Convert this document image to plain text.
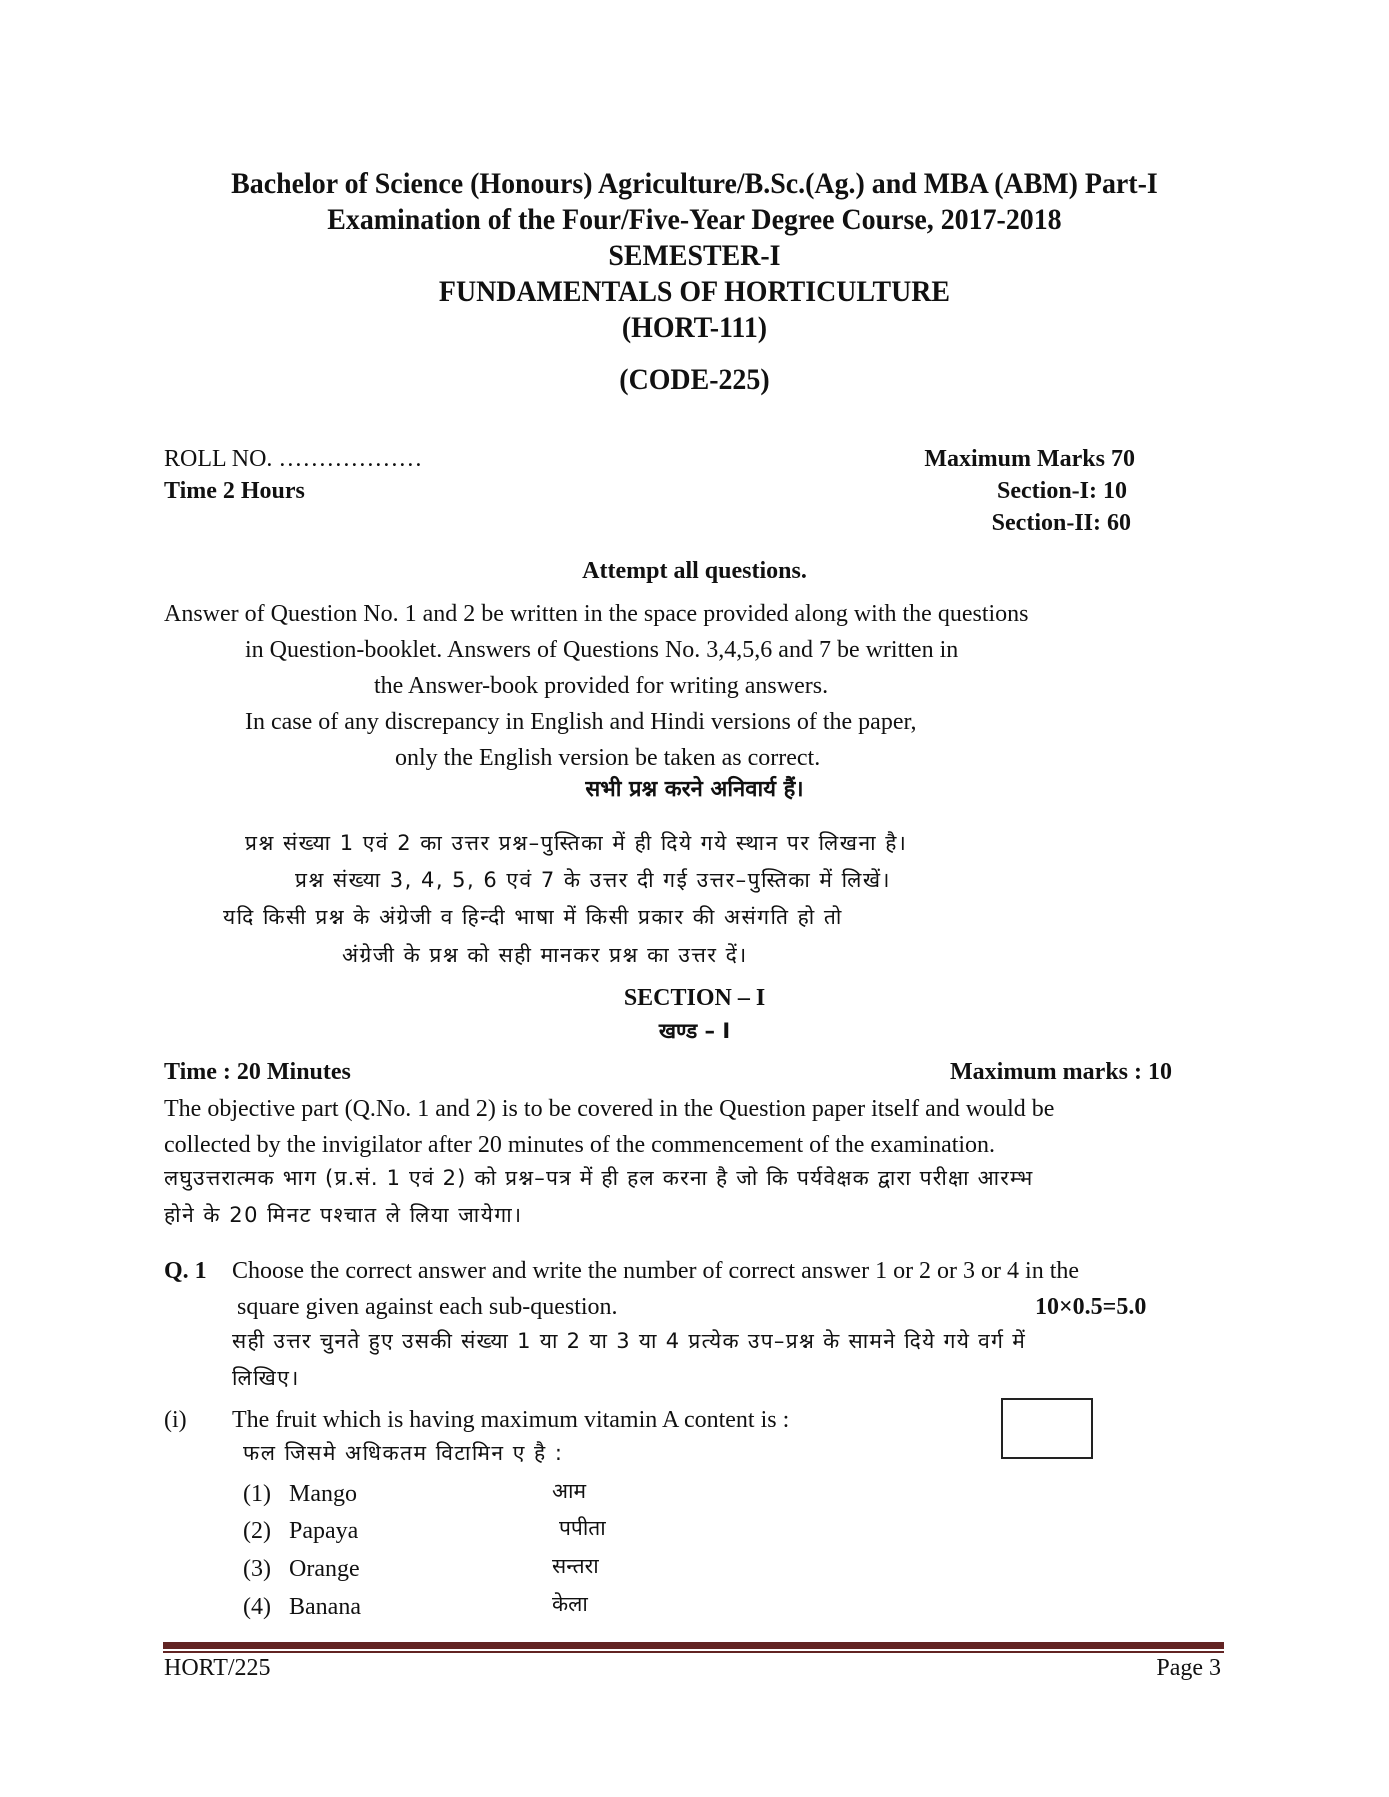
Bachelor of Science (Honours) Agriculture/B.Sc.(Ag.) and MBA (ABM) Part-I
Examination of the Four/Five-Year Degree Course, 2017-2018
SEMESTER-I
FUNDAMENTALS OF HORTICULTURE
(HORT-111)
(CODE-225)
ROLL NO. ………………
Time 2 Hours
Maximum Marks 70
Section-I: 10
Section-II: 60
Attempt all questions.
Answer of Question No. 1 and 2 be written in the space provided along with the questions
in Question-booklet. Answers of Questions No. 3,4,5,6 and 7 be written in
the Answer-book provided for writing answers.
In case of any discrepancy in English and Hindi versions of the paper,
only the English version be taken as correct.
सभी प्रश्न करने अनिवार्य हैं।
प्रश्न संख्या 1 एवं 2 का उत्तर प्रश्न–पुस्तिका में ही दिये गये स्थान पर लिखना है।
प्रश्न संख्या 3, 4, 5, 6 एवं 7 के उत्तर दी गई उत्तर–पुस्तिका में लिखें।
यदि किसी प्रश्न के अंग्रेजी व हिन्दी भाषा में किसी प्रकार की असंगति हो तो
अंग्रेजी के प्रश्न को सही मानकर प्रश्न का उत्तर दें।
SECTION – I
खण्ड – I
Time : 20 Minutes	Maximum marks : 10
The objective part (Q.No. 1 and 2) is to be covered in the Question paper itself and would be
collected by the invigilator after 20 minutes of the commencement of the examination.
लघुउत्तरात्मक भाग (प्र.सं. 1 एवं 2) को प्रश्न–पत्र में ही हल करना है जो कि पर्यवेक्षक द्वारा परीक्षा आरम्भ
होने के 20 मिनट पश्चात ले लिया जायेगा।
Q. 1 Choose the correct answer and write the number of correct answer 1 or 2 or 3 or 4 in the
square given against each sub-question.	10×0.5=5.0
सही उत्तर चुनते हुए उसकी संख्या 1 या 2 या 3 या 4 प्रत्येक उप–प्रश्न के सामने दिये गये वर्ग में
लिखिए।
(i) The fruit which is having maximum vitamin A content is :
फल जिसमे अधिकतम विटामिन ए है :
(1) Mango	आम
(2) Papaya	पपीता
(3) Orange	सन्तरा
(4) Banana	केला
HORT/225	Page 3
